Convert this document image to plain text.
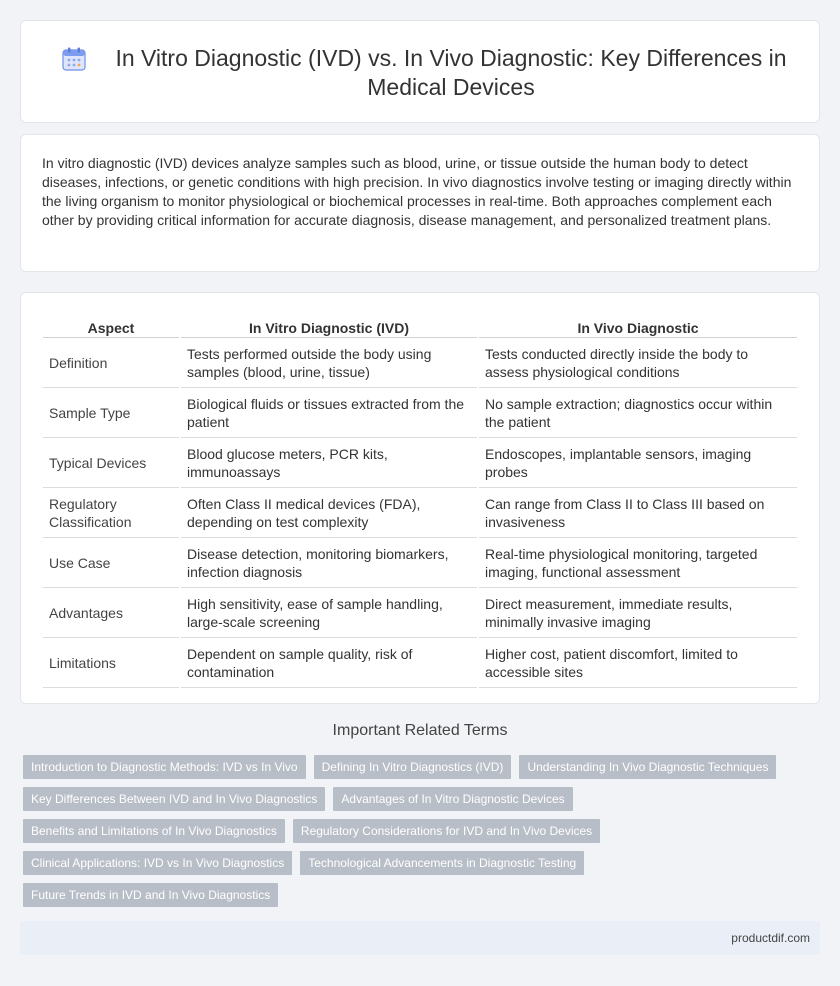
In Vitro Diagnostic (IVD) vs. In Vivo Diagnostic: Key Differences in Medical Devices

In vitro diagnostic (IVD) devices analyze samples such as blood, urine, or tissue outside the human body to detect diseases, infections, or genetic conditions with high precision. In vivo diagnostics involve testing or imaging directly within the living organism to monitor physiological or biochemical processes in real-time. Both approaches complement each other by providing critical information for accurate diagnosis, disease management, and personalized treatment plans.

Aspect	In Vitro Diagnostic (IVD)	In Vivo Diagnostic
Definition	Tests performed outside the body using samples (blood, urine, tissue)	Tests conducted directly inside the body to assess physiological conditions
Sample Type	Biological fluids or tissues extracted from the patient	No sample extraction; diagnostics occur within the patient
Typical Devices	Blood glucose meters, PCR kits, immunoassays	Endoscopes, implantable sensors, imaging probes
Regulatory Classification	Often Class II medical devices (FDA), depending on test complexity	Can range from Class II to Class III based on invasiveness
Use Case	Disease detection, monitoring biomarkers, infection diagnosis	Real-time physiological monitoring, targeted imaging, functional assessment
Advantages	High sensitivity, ease of sample handling, large-scale screening	Direct measurement, immediate results, minimally invasive imaging
Limitations	Dependent on sample quality, risk of contamination	Higher cost, patient discomfort, limited to accessible sites
Important Related Terms
Introduction to Diagnostic Methods: IVD vs In Vivo	Defining In Vitro Diagnostics (IVD)	Understanding In Vivo Diagnostic Techniques
Key Differences Between IVD and In Vivo Diagnostics	Advantages of In Vitro Diagnostic Devices
Benefits and Limitations of In Vivo Diagnostics	Regulatory Considerations for IVD and In Vivo Devices
Clinical Applications: IVD vs In Vivo Diagnostics	Technological Advancements in Diagnostic Testing
Future Trends in IVD and In Vivo Diagnostics
productdif.com
